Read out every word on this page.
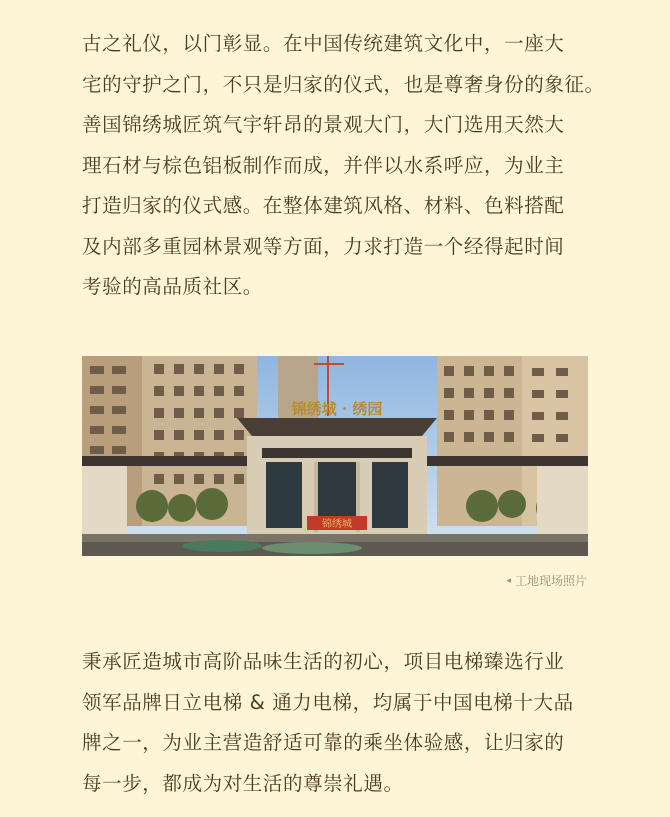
古之礼仪，以门彰显。在中国传统建筑文化中，一座大

宅的守护之门，不只是归家的仪式，也是尊奢身份的象征。

善国锦绣城匠筑气宇轩昂的景观大门，大门选用天然大

理石材与棕色铝板制作而成，并伴以水系呼应，为业主

打造归家的仪式感。在整体建筑风格、材料、色料搭配

及内部多重园林景观等方面，力求打造一个经得起时间

考验的高品质社区。

锦绣城 · 绣园
锦绣城
◂ 工地现场照片

秉承匠造城市高阶品味生活的初心，项目电梯臻选行业

领军品牌日立电梯 & 通力电梯，均属于中国电梯十大品

牌之一，为业主营造舒适可靠的乘坐体验感，让归家的

每一步，都成为对生活的尊崇礼遇。
